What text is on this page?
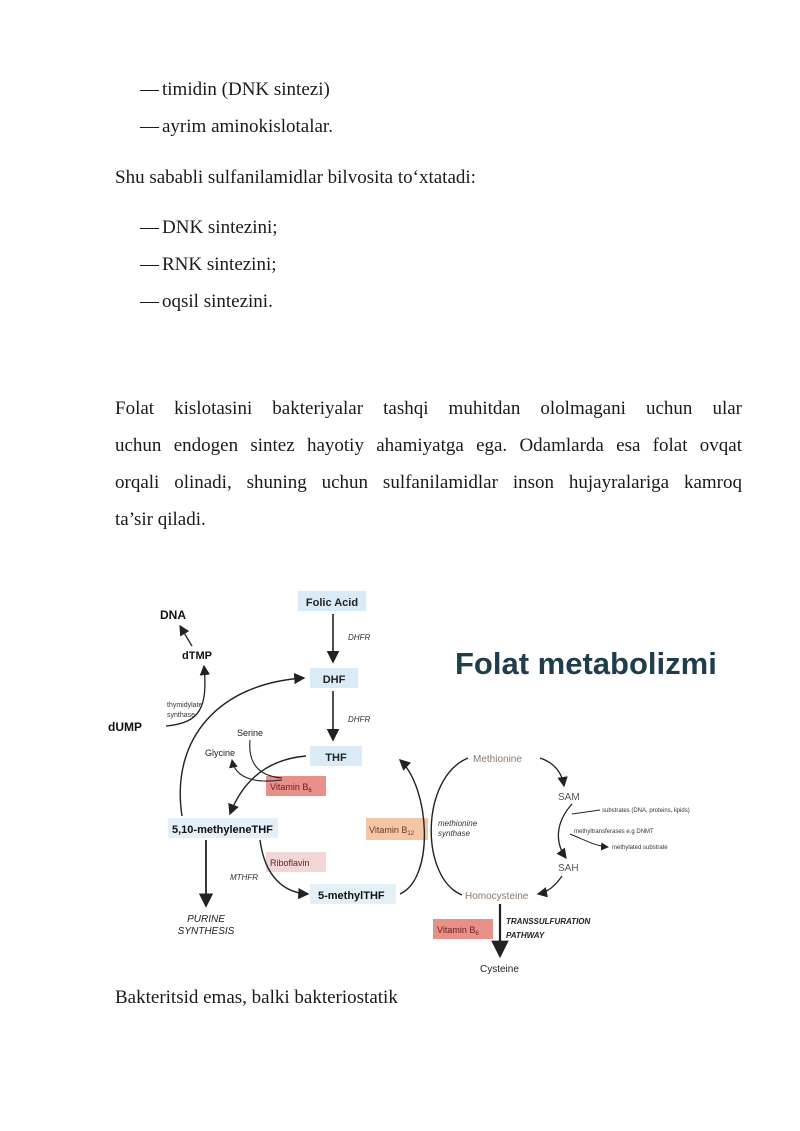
— timidin (DNK sintezi)
— ayrim aminokislotalar.
Shu sababli sulfanilamidlar bilvosita to‘xtatadi:
— DNK sintezini;
— RNK sintezini;
— oqsil sintezini.
Folat kislotasini bakteriyalar tashqi muhitdan ololmagani uchun ular
uchun endogen sintez hayotiy ahamiyatga ega. Odamlarda esa folat ovqat
orqali olinadi, shuning uchun sulfanilamidlar inson hujayralariga kamroq
ta’sir qiladi.
Folat metabolizmi
Folic Acid
DHF
THF
DNA
dTMP
dUMP
5,10-methyleneTHF
5-methylTHF
PURINE
SYNTHESIS
Methionine
SAM
SAH
Homocysteine
Cysteine
Serine
Glycine
DHFR
DHFR
thymidylate
synthase
MTHFR
methionine
synthase
TRANSSULFURATION
PATHWAY
substrates (DNA, proteins, lipids)
methyltransferases e.g DNMT
methylated substrate
Vitamin $B_6$
Vitamin $B_{12}$
Riboflavin
Vitamin $B_6$
Bakteritsid emas, balki bakteriostatik
